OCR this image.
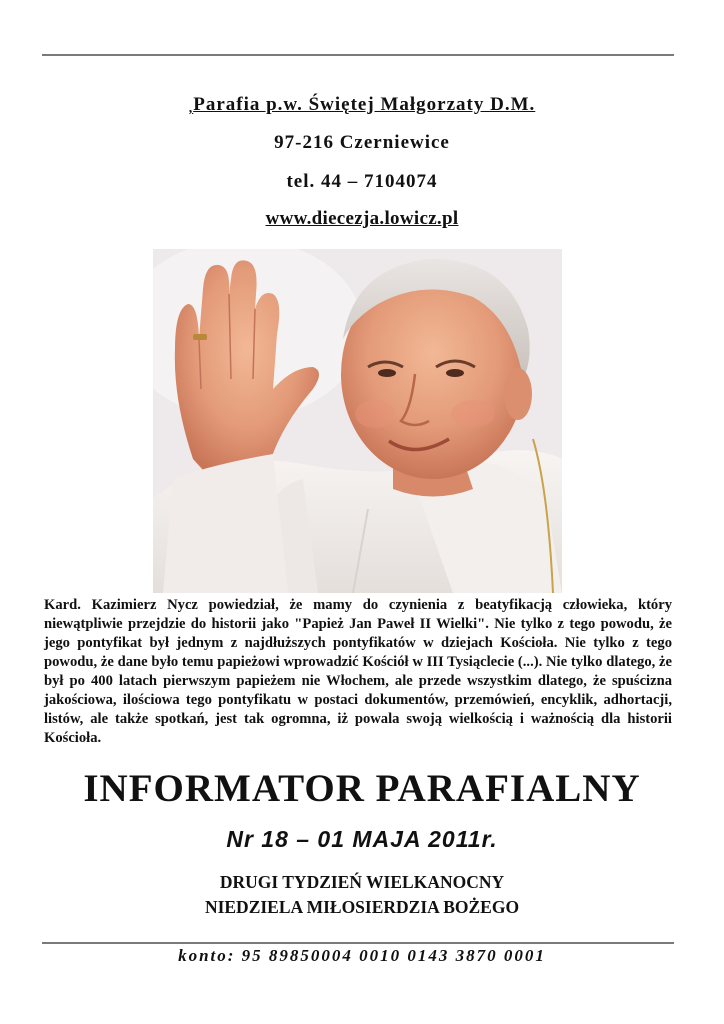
,Parafia p.w. Świętej Małgorzaty D.M.
97-216 Czerniewice
tel. 44 – 7104074
www.diecezja.lowicz.pl

Kard. Kazimierz Nycz powiedział, że mamy do czynienia z beatyfikacją człowieka, który niewątpliwie przejdzie do historii jako "Papież Jan Paweł II Wielki". Nie tylko z tego powodu, że jego pontyfikat był jednym z najdłuższych pontyfikatów w dziejach Kościoła. Nie tylko z tego powodu, że dane było temu papieżowi wprowadzić Kościół w III Tysiąclecie (...). Nie tylko dlatego, że był po 400 latach pierwszym papieżem nie Włochem, ale przede wszystkim dlatego, że spuścizna jakościowa, ilościowa tego pontyfikatu w postaci dokumentów, przemówień, encyklik, adhortacji, listów, ale także spotkań, jest tak ogromna, iż powala swoją wielkością i ważnością dla historii Kościoła.

INFORMATOR PARAFIALNY
Nr 18 – 01 MAJA 2011r.
DRUGI TYDZIEŃ WIELKANOCNY
NIEDZIELA MIŁOSIERDZIA BOŻEGO
konto: 95 89850004 0010 0143 3870 0001
